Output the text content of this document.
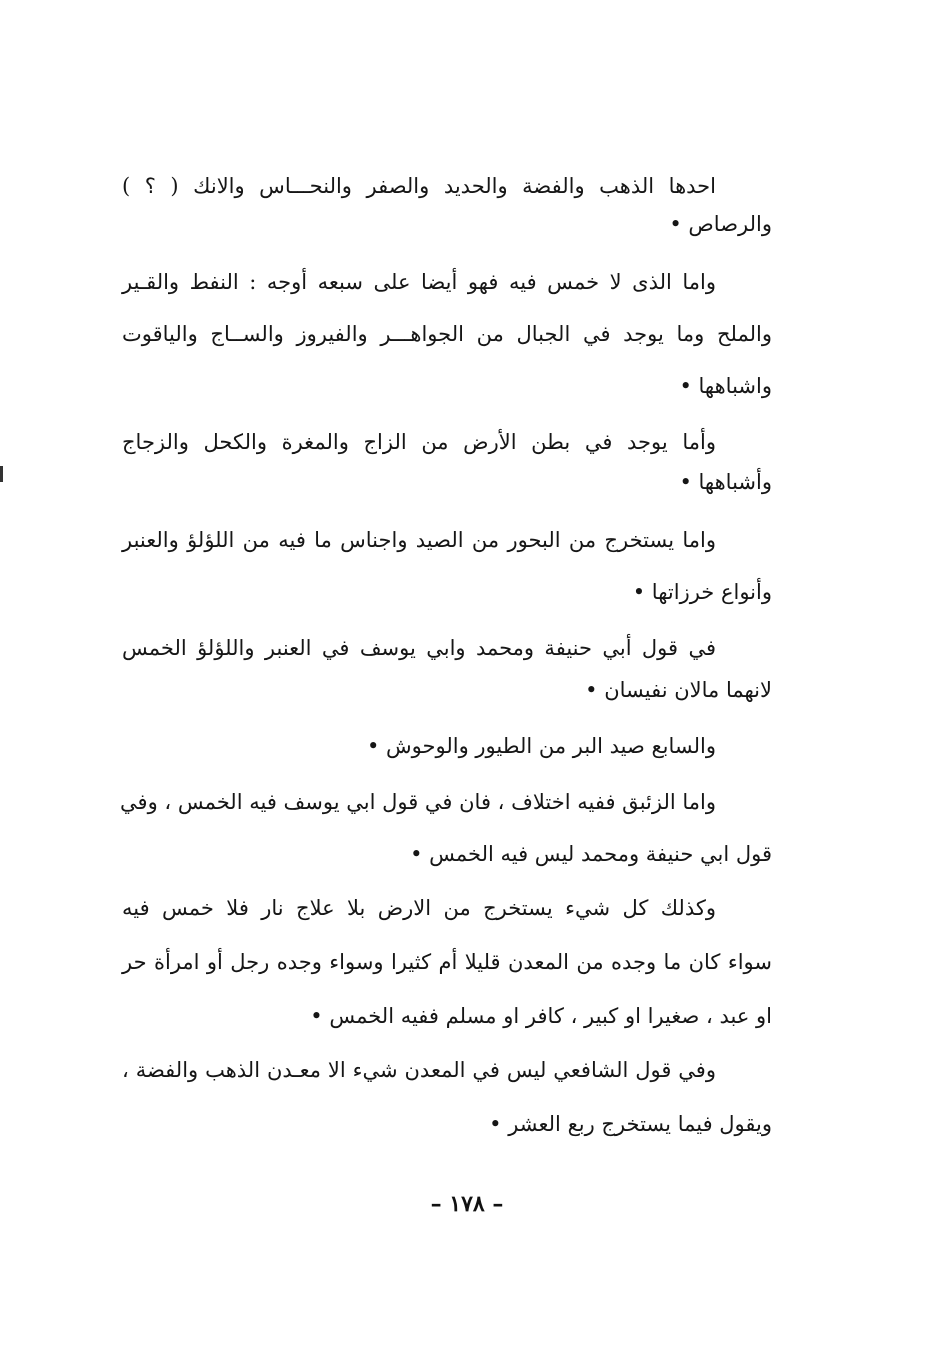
احدها الذهب والفضة والحديد والصفر والنحـــاس والانك ( ؟ )
والرصاص •
واما الذى لا خمس فيه فهو أيضا على سبعه أوجه : النفط والقـير
والملح وما يوجد في الجبال من الجواهـــر والفيروز والســاج والياقوت
واشباهها •
وأما يوجد في بطن الأرض من الزاج والمغرة والكحل والزجاج
وأشباهها •
واما يستخرج من البحور من الصيد واجناس ما فيه من اللؤلؤ والعنبر
وأنواع خرزاتها •
في قول أبي حنيفة ومحمد وابي يوسف في العنبر واللؤلؤ الخمس
لانهما مالان نفيسان •
والسابع صيد البر من الطيور والوحوش •
واما الزئبق ففيه اختلاف ، فان في قول ابي يوسف فيه الخمس ، وفي
قول ابي حنيفة ومحمد ليس فيه الخمس •
وكذلك كل شيء يستخرج من الارض بلا علاج نار فلا خمس فيه
سواء كان ما وجده من المعدن قليلا أم كثيرا وسواء وجده رجل أو امرأة حر
او عبد ، صغيرا او كبير ، كافر او مسلم ففيه الخمس •
وفي قول الشافعي ليس في المعدن شيء الا معـدن الذهب والفضة ،
ويقول فيما يستخرج ربع العشر •
– ١٧٨ –
